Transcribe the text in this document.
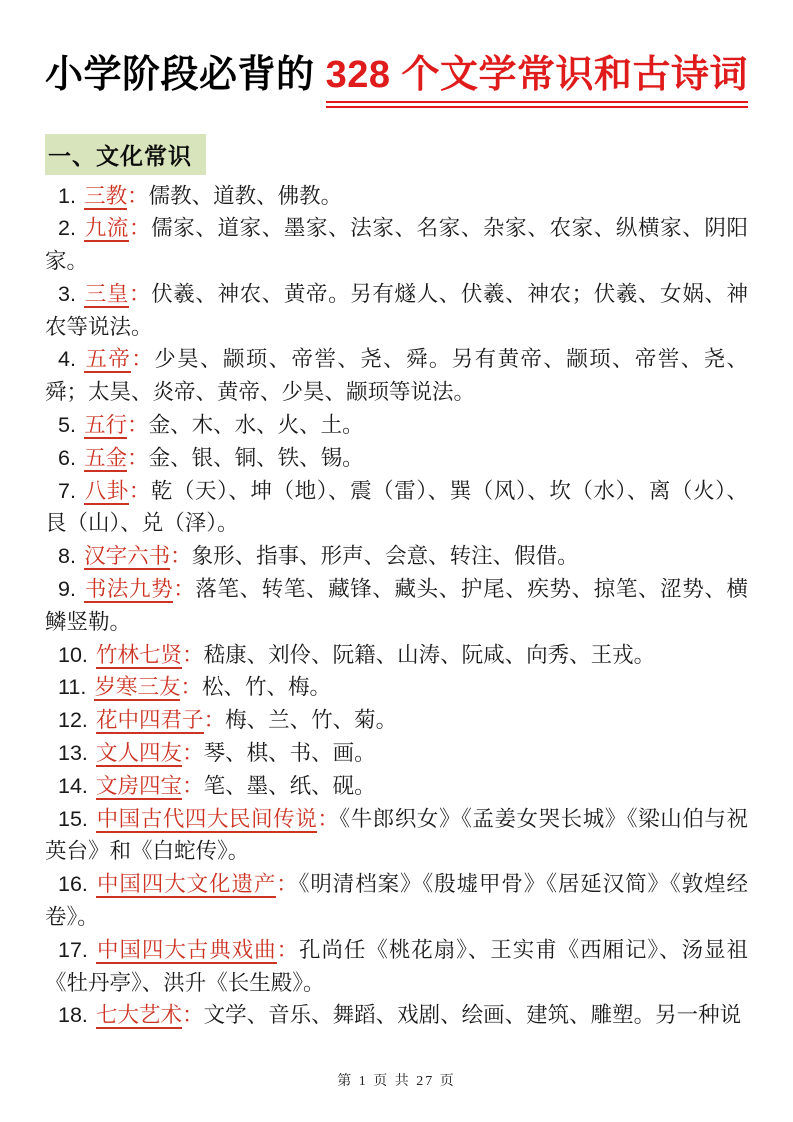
小学阶段必背的 328 个文学常识和古诗词
一、文化常识

1. 三教：儒教、道教、佛教。

2. 九流：儒家、道家、墨家、法家、名家、杂家、农家、纵横家、阴阳家。

3. 三皇：伏羲、神农、黄帝。另有燧人、伏羲、神农；伏羲、女娲、神农等说法。

4. 五帝：少昊、颛顼、帝喾、尧、舜。另有黄帝、颛顼、帝喾、尧、舜；太昊、炎帝、黄帝、少昊、颛顼等说法。

5. 五行：金、木、水、火、土。

6. 五金：金、银、铜、铁、锡。

7. 八卦：乾（天）、坤（地）、震（雷）、巽（风）、坎（水）、离（火）、艮（山）、兑（泽）。

8. 汉字六书：象形、指事、形声、会意、转注、假借。

9. 书法九势：落笔、转笔、藏锋、藏头、护尾、疾势、掠笔、涩势、横鳞竖勒。

10. 竹林七贤：嵇康、刘伶、阮籍、山涛、阮咸、向秀、王戎。

11. 岁寒三友：松、竹、梅。

12. 花中四君子：梅、兰、竹、菊。

13. 文人四友：琴、棋、书、画。

14. 文房四宝：笔、墨、纸、砚。

15. 中国古代四大民间传说：《牛郎织女》《孟姜女哭长城》《梁山伯与祝英台》和《白蛇传》。

16. 中国四大文化遗产：《明清档案》《殷墟甲骨》《居延汉简》《敦煌经卷》。

17. 中国四大古典戏曲：孔尚任《桃花扇》、王实甫《西厢记》、汤显祖《牡丹亭》、洪升《长生殿》。

18. 七大艺术：文学、音乐、舞蹈、戏剧、绘画、建筑、雕塑。另一种说

第 1 页 共 27 页
